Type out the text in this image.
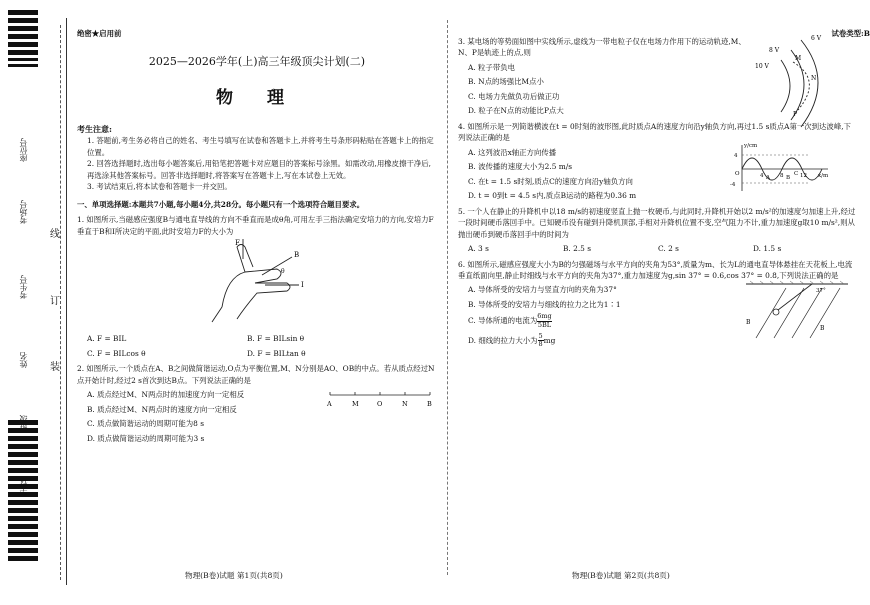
座位号
考场号
考生号
姓名
班级
学校
线
订
装
绝密★启用前
2025—2026学年(上)高三年级顶尖计划(二)
物 理
考生注意:

1. 答题前,考生务必将自己的姓名、考生号填写在试卷和答题卡上,并将考生号条形码粘贴在答题卡上的指定位置。

2. 回答选择题时,选出每小题答案后,用铅笔把答题卡对应题目的答案标号涂黑。如需改动,用橡皮擦干净后,再选涂其他答案标号。回答非选择题时,将答案写在答题卡上,写在本试卷上无效。

3. 考试结束后,将本试卷和答题卡一并交回。

一、单项选择题:本题共7小题,每小题4分,共28分。每小题只有一个选项符合题目要求。
1. 如图所示,当磁感应强度B与通电直导线的方向不垂直而是成θ角,可用左手三指法确定安培力的方向,安培力F垂直于B和I所决定的平面,此时安培力F的大小为
F
B
I
θ
A. F = BIL	B. F = BILsin θ
C. F = BILcos θ	D. F = BILtan θ
2. 如图所示,一个质点在A、B之间做简谐运动,O点为平衡位置,M、N分别是AO、OB的中点。若从质点经过N点开始计时,经过2 s首次到达B点。下列说法正确的是
A. 质点经过M、N两点时的加速度方向一定相反
B. 质点经过M、N两点时的速度方向一定相反
C. 质点做简谐运动的周期可能为8 s
D. 质点做简谐运动的周期可能为3 s
A	M	O	N	B
物理(B卷)试题 第1页(共8页)
试卷类型:B
3. 某电场的等势面如图中实线所示,虚线为一带电粒子仅在电场力作用下的运动轨迹,M、N、P是轨迹上的点,则
A. 粒子带负电
B. N点的场强比M点小
C. 电场力先做负功后做正功
D. 粒子在N点的动能比P点大
6 V
8 V
10 V
M
N
P
4. 如图所示是一列简谐横波在t = 0时刻的波形图,此时质点A的速度方向沿y轴负方向,再过1.5 s质点A第一次到达波峰,下列说法正确的是
A. 这列波沿x轴正方向传播
B. 波传播的速度大小为2.5 m/s
C. 在t = 1.5 s时刻,质点C的速度方向沿y轴负方向
D. t = 0到t = 4.5 s内,质点B运动的路程为0.36 m
y/cm
4
O
-4
A	B
C
4	8	12 x/m
5. 一个人在静止的升降机中以18 m/s的初速度竖直上抛一枚硬币,与此同时,升降机开始以2 m/s²的加速度匀加速上升,经过一段时间硬币落回手中。已知硬币没有碰到升降机顶部,手相对升降机位置不变,空气阻力不计,重力加速度g取10 m/s²,则从抛出硬币到硬币落回手中的时间为
A. 3 s	B. 2.5 s	C. 2 s	D. 1.5 s
6. 如图所示,磁感应强度大小为B的匀强磁场与水平方向的夹角为53°,质量为m、长为L的通电直导体悬挂在天花板上,电流垂直纸面向里,静止时细线与水平方向的夹角为37°,重力加速度为g,sin 37° = 0.6,cos 37° = 0.8,下列说法正确的是
A. 导体所受的安培力与竖直方向的夹角为37°
B. 导体所受的安培力与细线的拉力之比为1∶1
C. 导体所通的电流为 $\frac{6mg}{5BL}$
D. 细线的拉力大小为 $\frac{5}{8}$ mg
37°
B
B
物理(B卷)试题 第2页(共8页)
